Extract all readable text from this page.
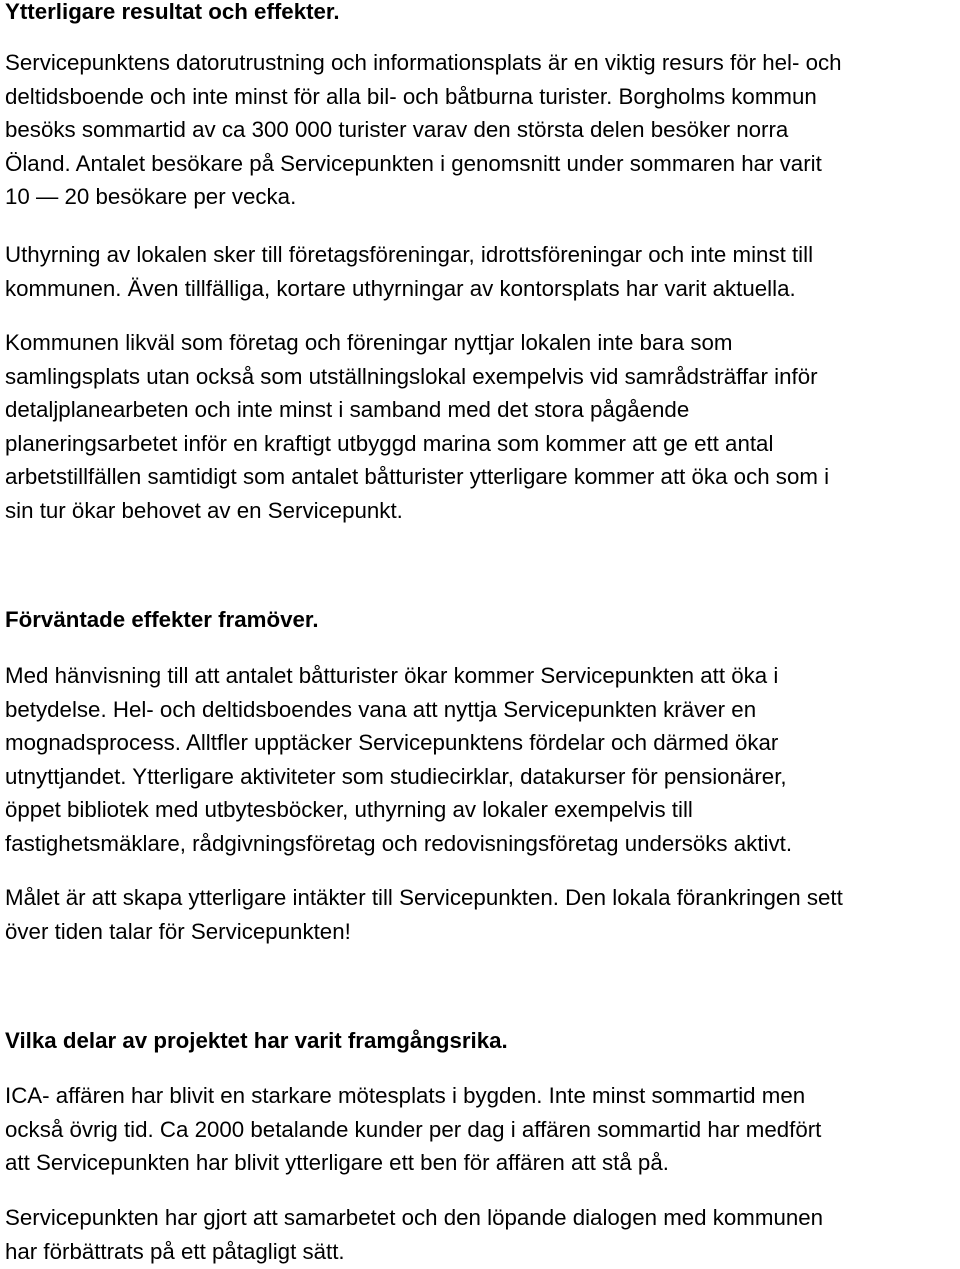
Ytterligare resultat och effekter.

Servicepunktens datorutrustning och informationsplats är en viktig resurs för hel- och
deltidsboende och inte minst för alla bil- och båtburna turister. Borgholms kommun
besöks sommartid av ca 300 000 turister varav den största delen besöker norra
Öland. Antalet besökare på Servicepunkten i genomsnitt under sommaren har varit
10 — 20 besökare per vecka.
Uthyrning av lokalen sker till företagsföreningar, idrottsföreningar och inte minst till
kommunen. Även tillfälliga, kortare uthyrningar av kontorsplats har varit aktuella.
Kommunen likväl som företag och föreningar nyttjar lokalen inte bara som
samlingsplats utan också som utställningslokal exempelvis vid samrådsträffar inför
detaljplanearbeten och inte minst i samband med det stora pågående
planeringsarbetet inför en kraftigt utbyggd marina som kommer att ge ett antal
arbetstillfällen samtidigt som antalet båtturister ytterligare kommer att öka och som i
sin tur ökar behovet av en Servicepunkt.

Förväntade effekter framöver.

Med hänvisning till att antalet båtturister ökar kommer Servicepunkten att öka i
betydelse. Hel- och deltidsboendes vana att nyttja Servicepunkten kräver en
mognadsprocess. Alltfler upptäcker Servicepunktens fördelar och därmed ökar
utnyttjandet. Ytterligare aktiviteter som studiecirklar, datakurser för pensionärer,
öppet bibliotek med utbytesböcker, uthyrning av lokaler exempelvis till
fastighetsmäklare, rådgivningsföretag och redovisningsföretag undersöks aktivt.
Målet är att skapa ytterligare intäkter till Servicepunkten. Den lokala förankringen sett
över tiden talar för Servicepunkten!

Vilka delar av projektet har varit framgångsrika.

ICA- affären har blivit en starkare mötesplats i bygden. Inte minst sommartid men
också övrig tid. Ca 2000 betalande kunder per dag i affären sommartid har medfört
att Servicepunkten har blivit ytterligare ett ben för affären att stå på.
Servicepunkten har gjort att samarbetet och den löpande dialogen med kommunen
har förbättrats på ett påtagligt sätt.
